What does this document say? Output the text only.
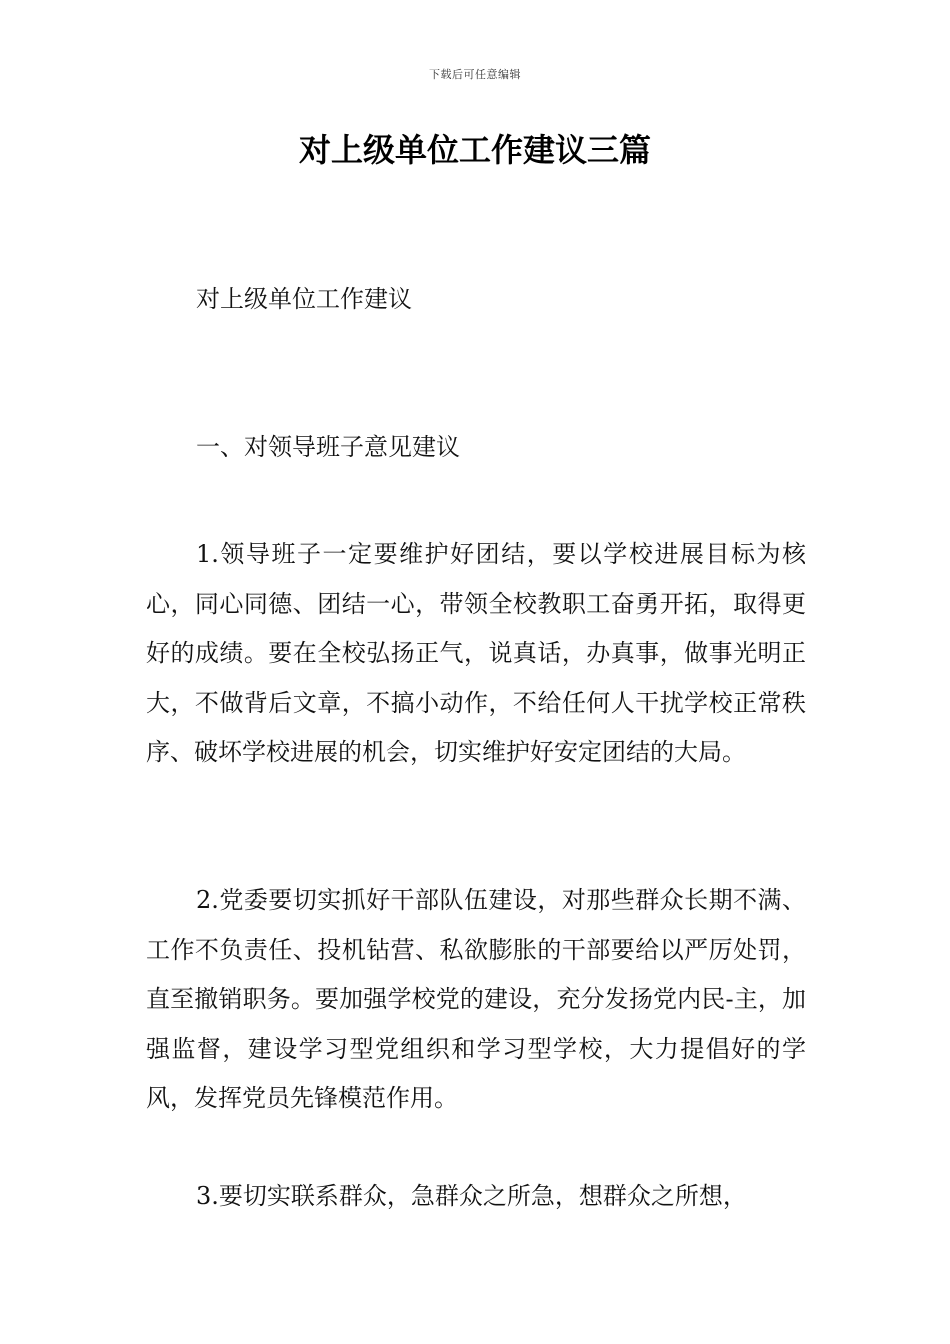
下载后可任意编辑
对上级单位工作建议三篇

对上级单位工作建议

一、对领导班子意见建议

1.领导班子一定要维护好团结，要以学校进展目标为核心，同心同德、团结一心，带领全校教职工奋勇开拓，取得更好的成绩。要在全校弘扬正气，说真话，办真事，做事光明正大，不做背后文章，不搞小动作，不给任何人干扰学校正常秩序、破坏学校进展的机会，切实维护好安定团结的大局。

2.党委要切实抓好干部队伍建设，对那些群众长期不满、工作不负责任、投机钻营、私欲膨胀的干部要给以严厉处罚，直至撤销职务。要加强学校党的建设，充分发扬党内民-主，加强监督，建设学习型党组织和学习型学校，大力提倡好的学风，发挥党员先锋模范作用。

3.要切实联系群众，急群众之所急，想群众之所想，
